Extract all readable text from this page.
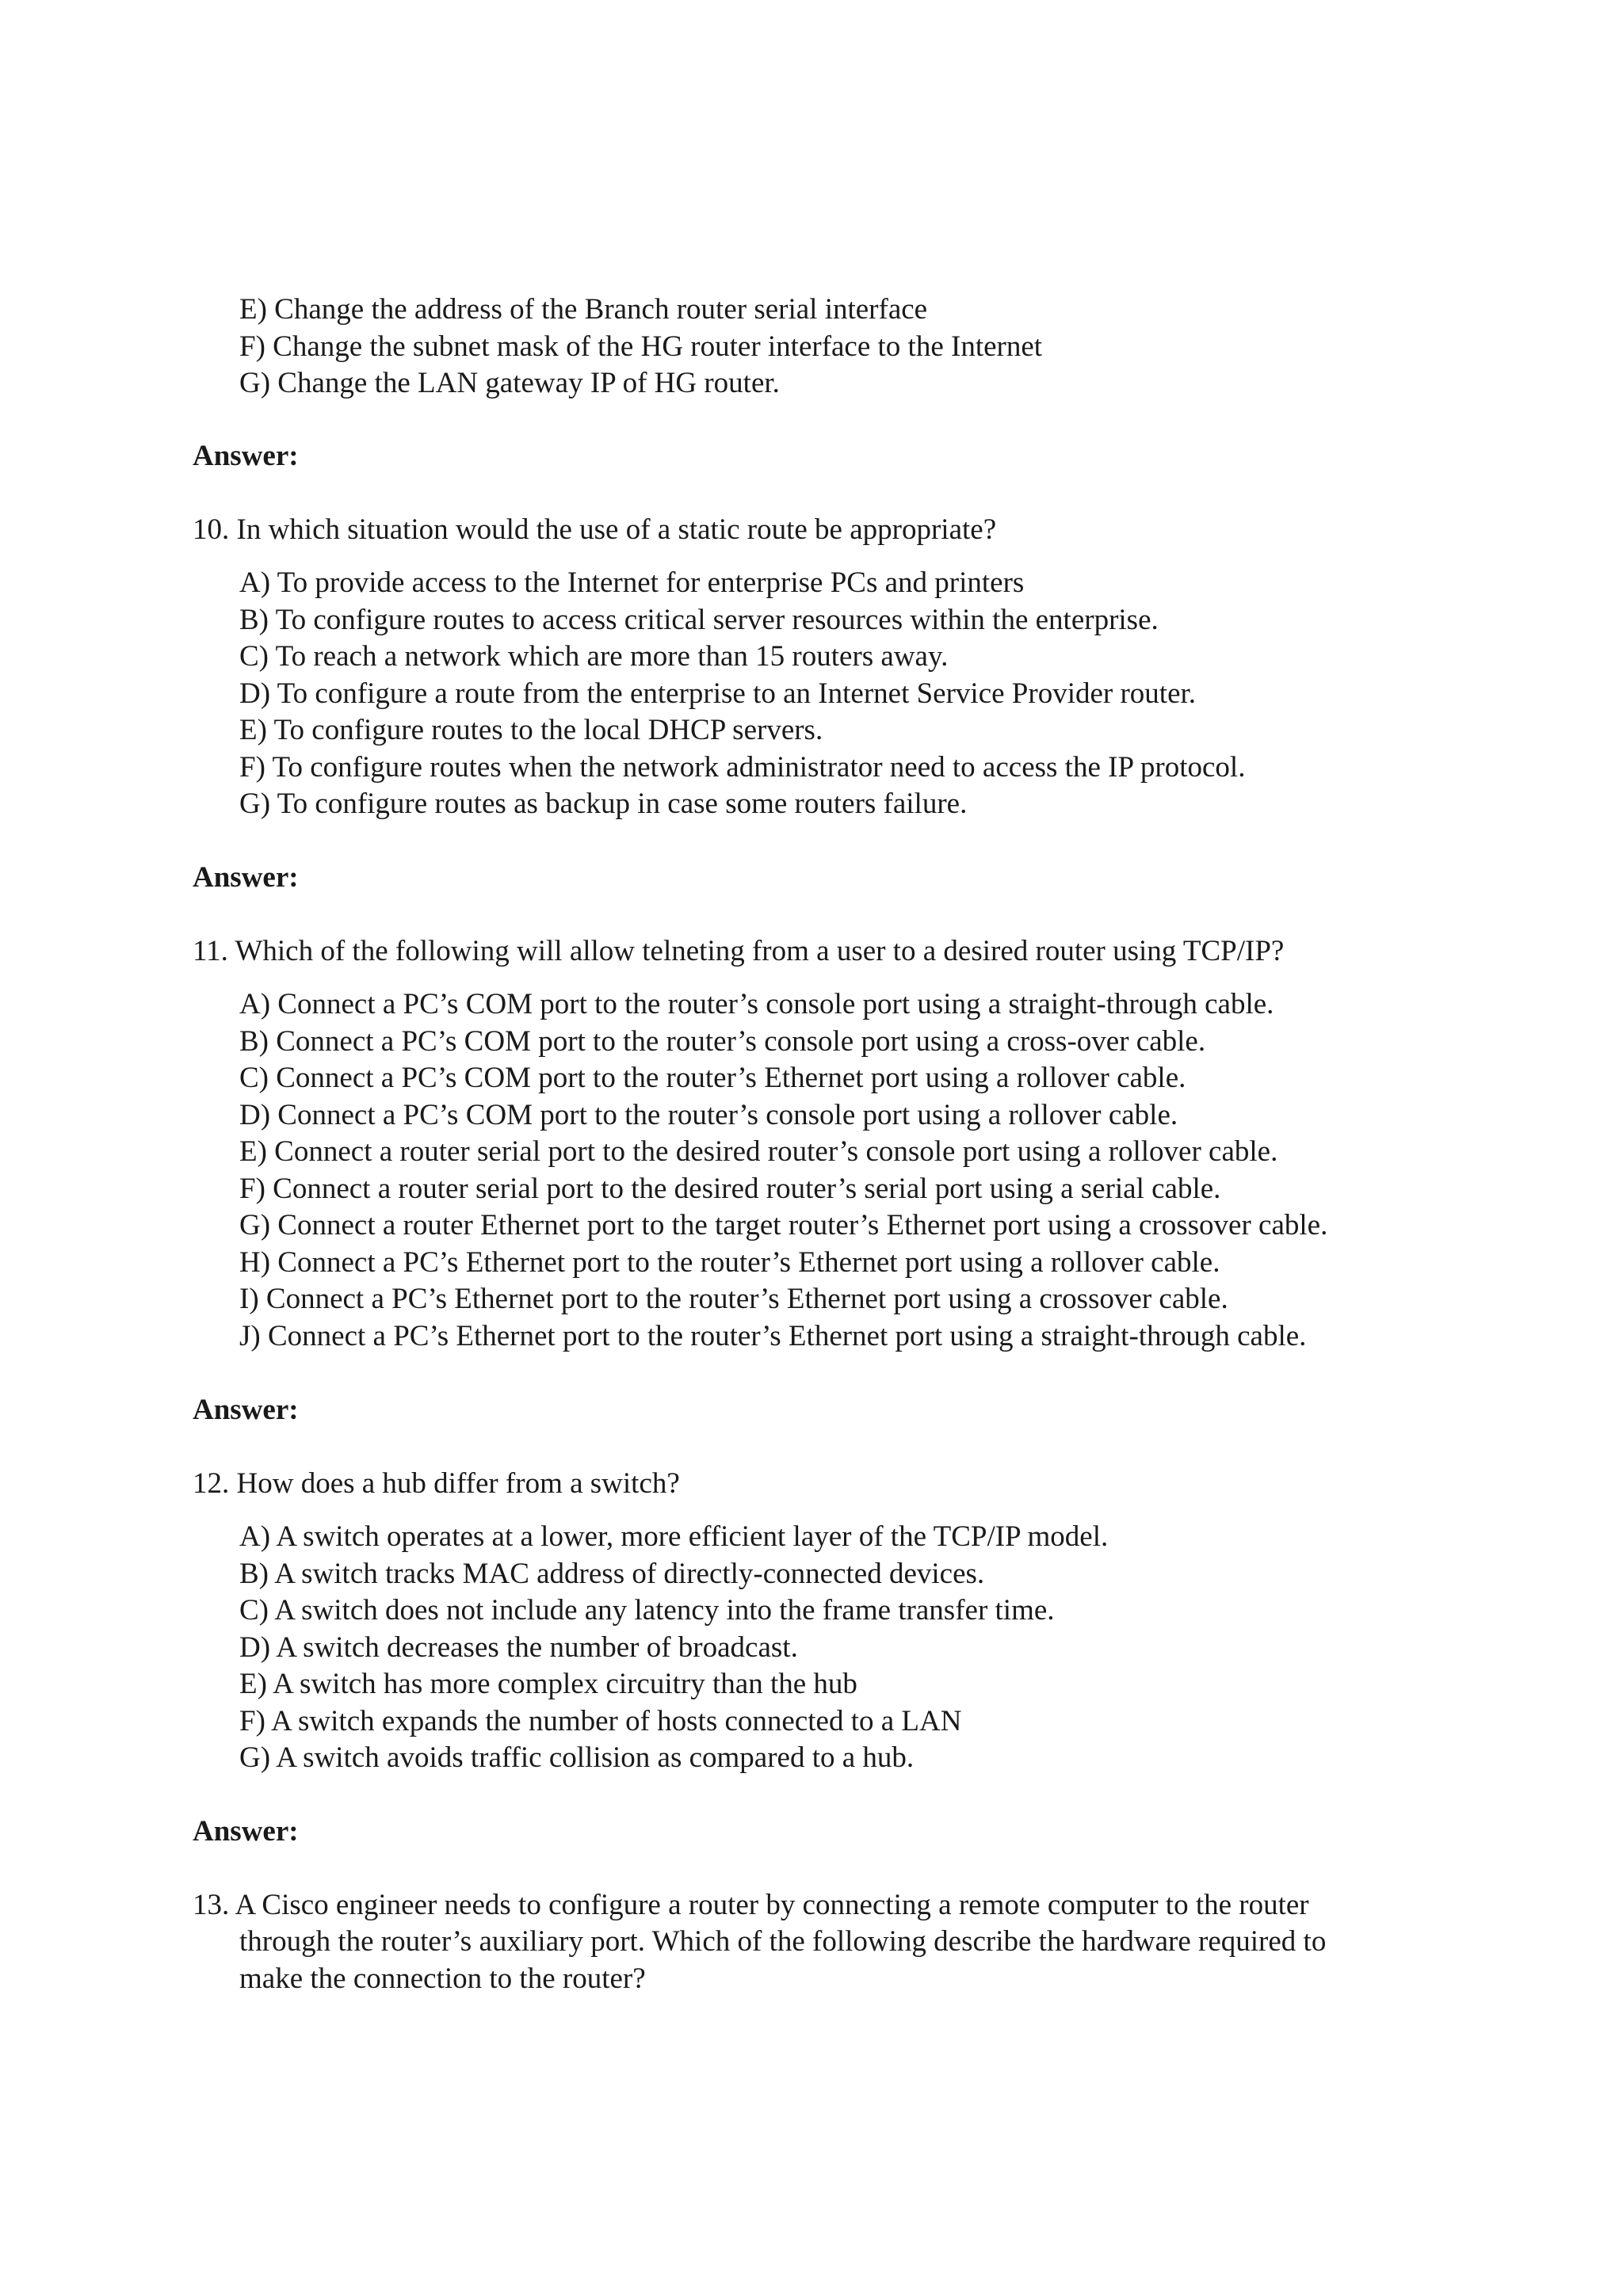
E) Change the address of the Branch router serial interface
F) Change the subnet mask of the HG router interface to the Internet
G) Change the LAN gateway IP of HG router.
Answer:
10. In which situation would the use of a static route be appropriate?
A) To provide access to the Internet for enterprise PCs and printers
B) To configure routes to access critical server resources within the enterprise.
C) To reach a network which are more than 15 routers away.
D) To configure a route from the enterprise to an Internet Service Provider router.
E) To configure routes to the local DHCP servers.
F) To configure routes when the network administrator need to access the IP protocol.
G) To configure routes as backup in case some routers failure.
Answer:
11. Which of the following will allow telneting from a user to a desired router using TCP/IP?
A) Connect a PC’s COM port to the router’s console port using a straight-through cable.
B) Connect a PC’s COM port to the router’s console port using a cross-over cable.
C) Connect a PC’s COM port to the router’s Ethernet port using a rollover cable.
D) Connect a PC’s COM port to the router’s console port using a rollover cable.
E) Connect a router serial port to the desired router’s console port using a rollover cable.
F) Connect a router serial port to the desired router’s serial port using a serial cable.
G) Connect a router Ethernet port to the target router’s Ethernet port using a crossover cable.
H) Connect a PC’s Ethernet port to the router’s Ethernet port using a rollover cable.
I) Connect a PC’s Ethernet port to the router’s Ethernet port using a crossover cable.
J) Connect a PC’s Ethernet port to the router’s Ethernet port using a straight-through cable.
Answer:
12. How does a hub differ from a switch?
A) A switch operates at a lower, more efficient layer of the TCP/IP model.
B) A switch tracks MAC address of directly-connected devices.
C) A switch does not include any latency into the frame transfer time.
D) A switch decreases the number of broadcast.
E) A switch has more complex circuitry than the hub
F) A switch expands the number of hosts connected to a LAN
G) A switch avoids traffic collision as compared to a hub.
Answer:
13. A Cisco engineer needs to configure a router by connecting a remote computer to the router
through the router’s auxiliary port. Which of the following describe the hardware required to
make the connection to the router?
